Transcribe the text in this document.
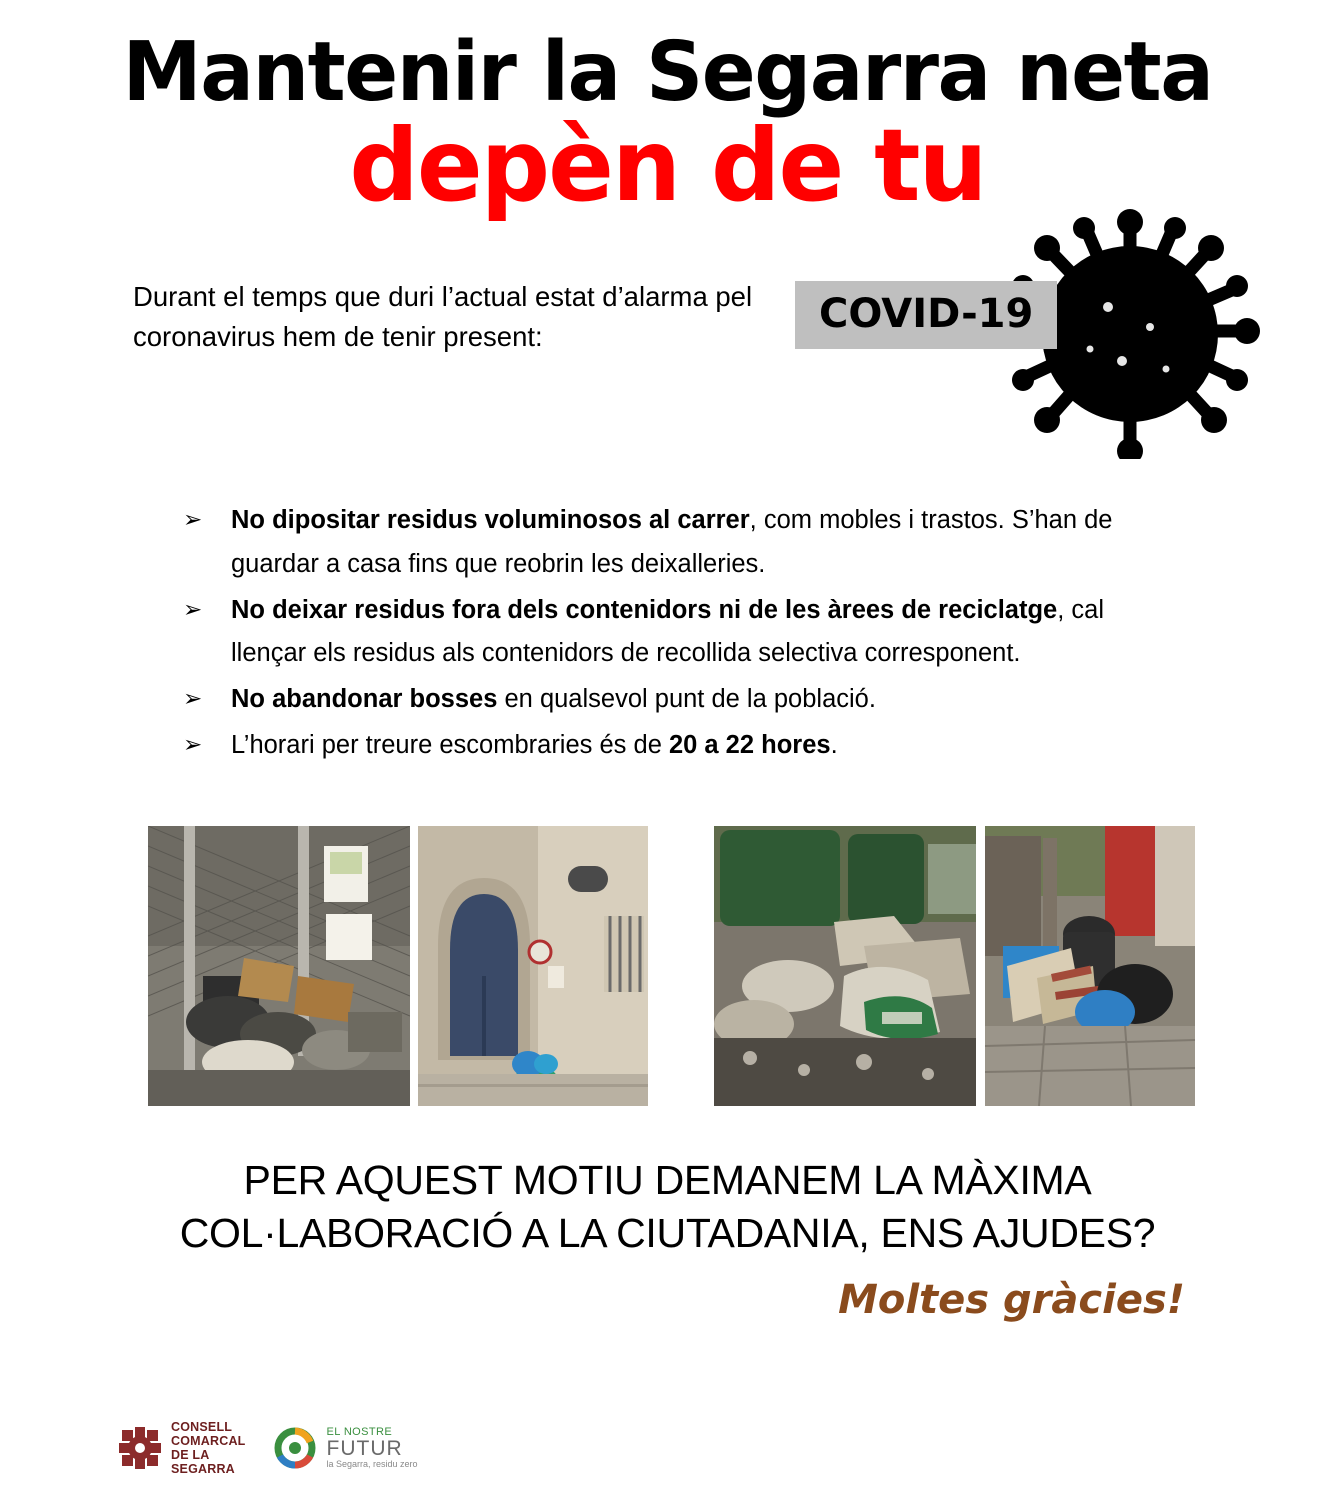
Mantenir la Segarra neta
depèn de tu

Durant el temps que duri l’actual estat d’alarma pel coronavirus hem de tenir present:	COVID-19
➢ No dipositar residus voluminosos al carrer, com mobles i trastos. S’han de guardar a casa fins que reobrin les deixalleries.
➢ No deixar residus fora dels contenidors ni de les àrees de reciclatge, cal llençar els residus als contenidors de recollida selectiva corresponent.
➢ No abandonar bosses en qualsevol punt de la població.
➢ L’horari per treure escombraries és de 20 a 22 hores.
PER AQUEST MOTIU DEMANEM LA MÀXIMA
COL·LABORACIÓ A LA CIUTADANIA, ENS AJUDES?
Moltes gràcies!
CONSELL
COMARCAL
DE LA
SEGARRA
EL NOSTRE
FUTUR
la Segarra, residu zero
